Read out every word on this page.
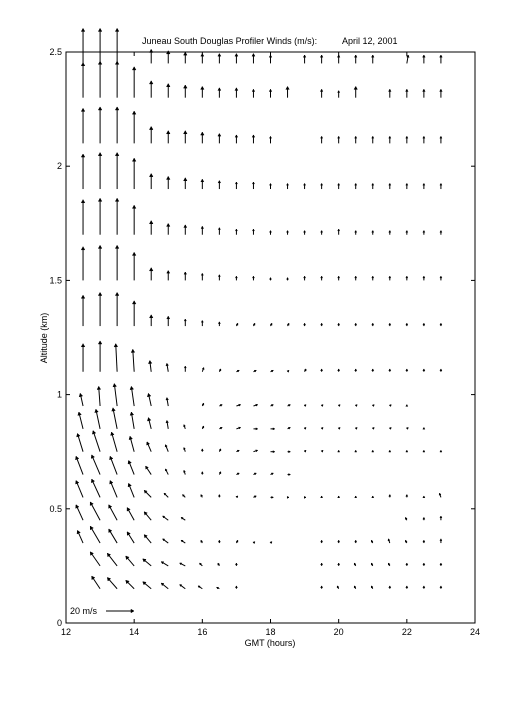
12	14	16	18	20	22	24
0
0.5
1
1.5
2
2.5
Juneau South Douglas Profiler Winds (m/s):	April 12, 2001
GMT (hours)
Altitude (km)
20 m/s
